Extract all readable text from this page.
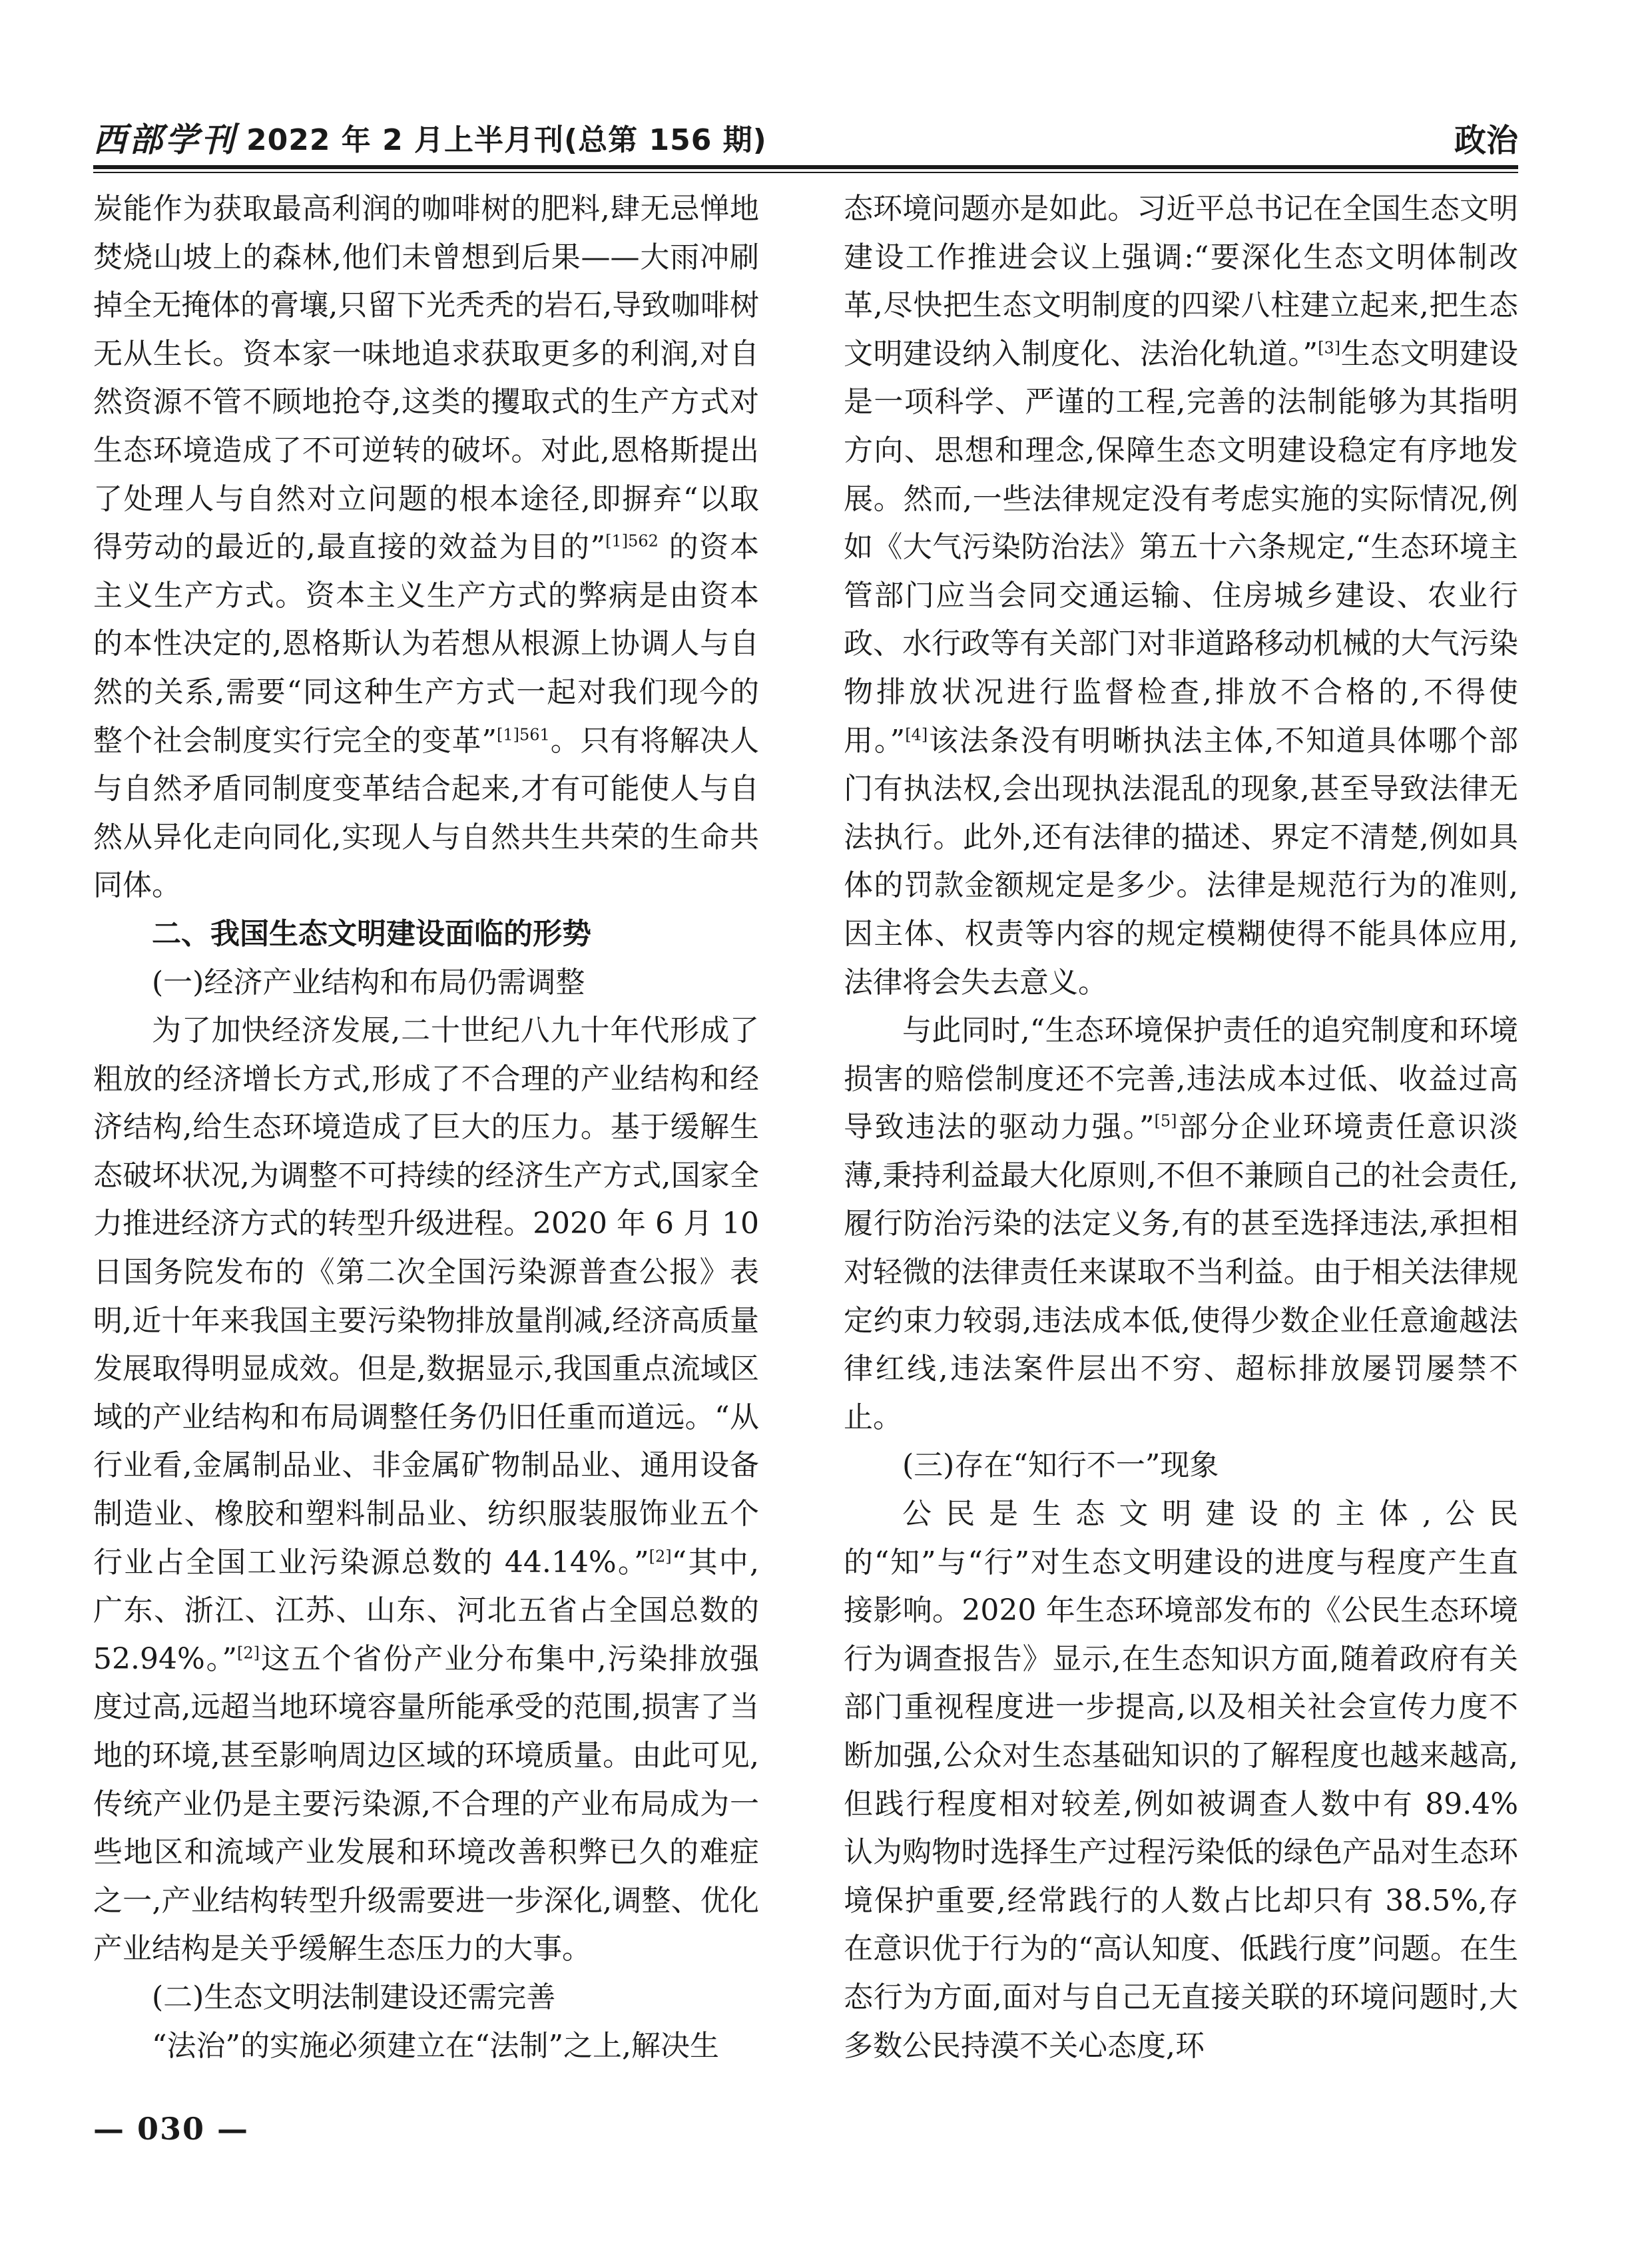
西部学刊 2022 年 2 月上半月刊(总第 156 期)	政治

炭能作为获取最高利润的咖啡树的肥料,肆无忌惮地焚烧山坡上的森林,他们未曾想到后果——大雨冲刷掉全无掩体的膏壤,只留下光秃秃的岩石,导致咖啡树无从生长。资本家一味地追求获取更多的利润,对自然资源不管不顾地抢夺,这类的攫取式的生产方式对生态环境造成了不可逆转的破坏。对此,恩格斯提出了处理人与自然对立问题的根本途径,即摒弃“以取得劳动的最近的,最直接的效益为目的”$^{[1]562}$ 的资本主义生产方式。资本主义生产方式的弊病是由资本的本性决定的,恩格斯认为若想从根源上协调人与自然的关系,需要“同这种生产方式一起对我们现今的整个社会制度实行完全的变革”$^{[1]561}$。只有将解决人与自然矛盾同制度变革结合起来,才有可能使人与自然从异化走向同化,实现人与自然共生共荣的生命共同体。

二、我国生态文明建设面临的形势

(一)经济产业结构和布局仍需调整

为了加快经济发展,二十世纪八九十年代形成了粗放的经济增长方式,形成了不合理的产业结构和经济结构,给生态环境造成了巨大的压力。基于缓解生态破坏状况,为调整不可持续的经济生产方式,国家全力推进经济方式的转型升级进程。2020 年 6 月 10 日国务院发布的《第二次全国污染源普查公报》表明,近十年来我国主要污染物排放量削减,经济高质量发展取得明显成效。但是,数据显示,我国重点流域区域的产业结构和布局调整任务仍旧任重而道远。“从行业看,金属制品业、非金属矿物制品业、通用设备制造业、橡胶和塑料制品业、纺织服装服饰业五个行业占全国工业污染源总数的 44.14%。”[2]“其中,广东、浙江、江苏、山东、河北五省占全国总数的 52.94%。”[2]这五个省份产业分布集中,污染排放强度过高,远超当地环境容量所能承受的范围,损害了当地的环境,甚至影响周边区域的环境质量。由此可见,传统产业仍是主要污染源,不合理的产业布局成为一些地区和流域产业发展和环境改善积弊已久的难症之一,产业结构转型升级需要进一步深化,调整、优化产业结构是关乎缓解生态压力的大事。

(二)生态文明法制建设还需完善

“法治”的实施必须建立在“法制”之上,解决生

态环境问题亦是如此。习近平总书记在全国生态文明建设工作推进会议上强调:“要深化生态文明体制改革,尽快把生态文明制度的四梁八柱建立起来,把生态文明建设纳入制度化、法治化轨道。”[3]生态文明建设是一项科学、严谨的工程,完善的法制能够为其指明方向、思想和理念,保障生态文明建设稳定有序地发展。然而,一些法律规定没有考虑实施的实际情况,例如《大气污染防治法》第五十六条规定,“生态环境主管部门应当会同交通运输、住房城乡建设、农业行政、水行政等有关部门对非道路移动机械的大气污染物排放状况进行监督检查,排放不合格的,不得使用。”[4]该法条没有明晰执法主体,不知道具体哪个部门有执法权,会出现执法混乱的现象,甚至导致法律无法执行。此外,还有法律的描述、界定不清楚,例如具体的罚款金额规定是多少。法律是规范行为的准则,因主体、权责等内容的规定模糊使得不能具体应用,法律将会失去意义。

与此同时,“生态环境保护责任的追究制度和环境损害的赔偿制度还不完善,违法成本过低、收益过高导致违法的驱动力强。”[5]部分企业环境责任意识淡薄,秉持利益最大化原则,不但不兼顾自己的社会责任,履行防治污染的法定义务,有的甚至选择违法,承担相对轻微的法律责任来谋取不当利益。由于相关法律规定约束力较弱,违法成本低,使得少数企业任意逾越法律红线,违法案件层出不穷、超标排放屡罚屡禁不止。

(三)存在“知行不一”现象

公民是生态文明建设的主体,公民的“知”与“行”对生态文明建设的进度与程度产生直接影响。2020 年生态环境部发布的《公民生态环境行为调查报告》显示,在生态知识方面,随着政府有关部门重视程度进一步提高,以及相关社会宣传力度不断加强,公众对生态基础知识的了解程度也越来越高,但践行程度相对较差,例如被调查人数中有 89.4% 认为购物时选择生产过程污染低的绿色产品对生态环境保护重要,经常践行的人数占比却只有 38.5%,存在意识优于行为的“高认知度、低践行度”问题。在生态行为方面,面对与自己无直接关联的环境问题时,大多数公民持漠不关心态度,环

— 030 —
